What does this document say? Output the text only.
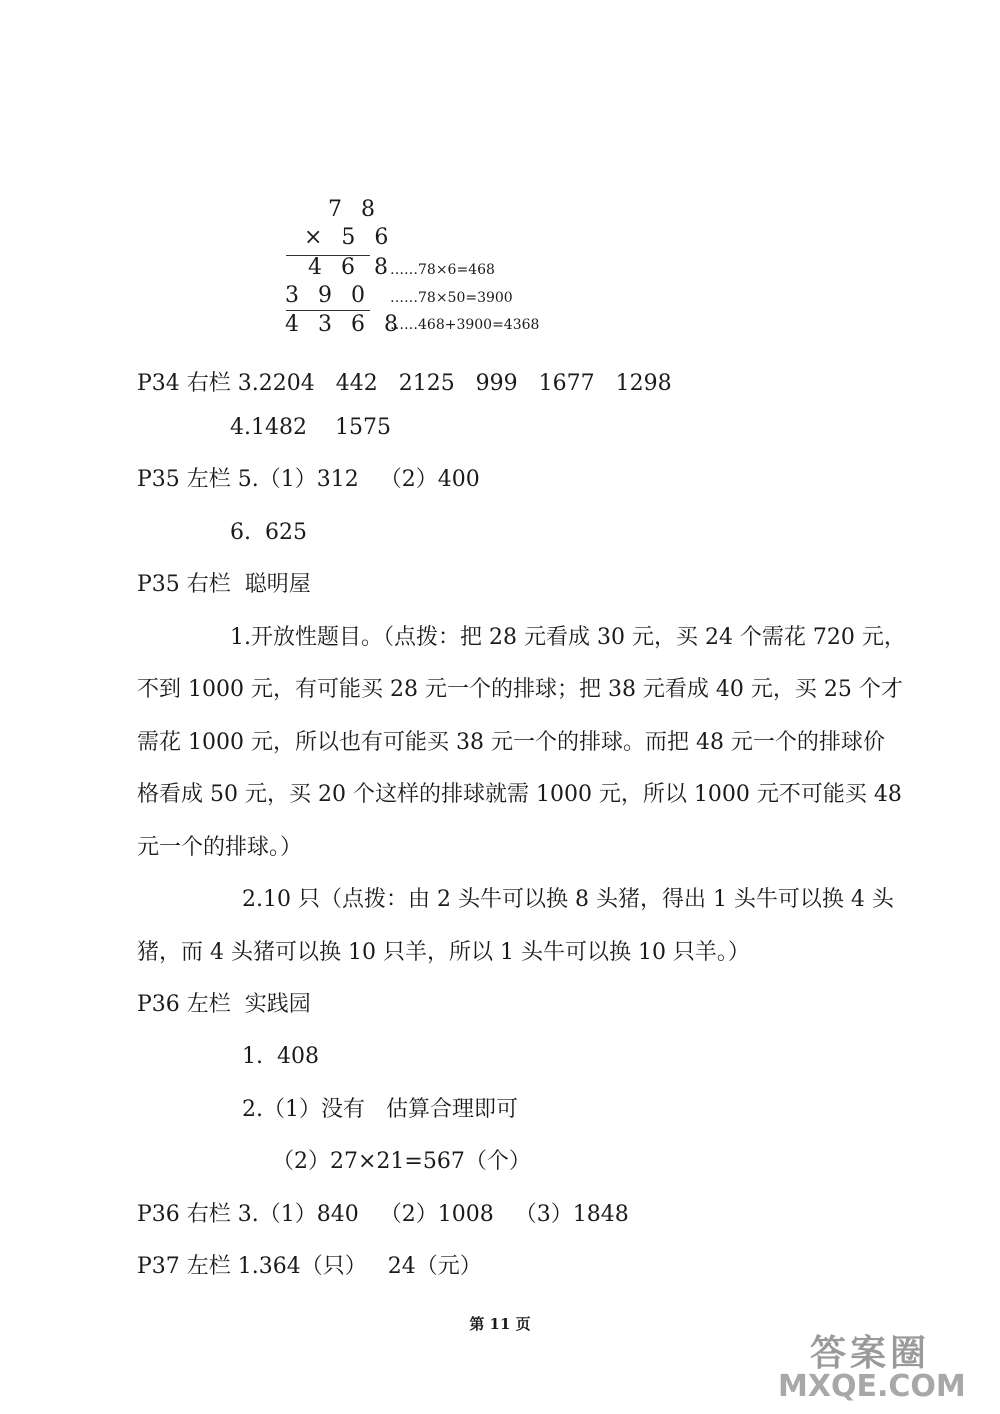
7 8
× 5 6
4 6 8
3 9 0
4 3 6 8
……78×6=468
……78×50=3900
……468+3900=4368
P34 右栏 3.2204   442   2125   999   1677   1298
4.1482    1575
P35 左栏 5.（1）312   （2）400
6.  625
P35 右栏  聪明屋
1.开放性题目。（点拨：把 28 元看成 30 元，买 24 个需花 720 元，
不到 1000 元，有可能买 28 元一个的排球；把 38 元看成 40 元，买 25 个才
需花 1000 元，所以也有可能买 38 元一个的排球。而把 48 元一个的排球价
格看成 50 元，买 20 个这样的排球就需 1000 元，所以 1000 元不可能买 48
元一个的排球。）
2.10 只（点拨：由 2 头牛可以换 8 头猪，得出 1 头牛可以换 4 头
猪，而 4 头猪可以换 10 只羊，所以 1 头牛可以换 10 只羊。）
P36 左栏  实践园
1.  408
2.（1）没有   估算合理即可
（2）27×21=567（个）
P36 右栏 3.（1）840   （2）1008   （3）1848
P37 左栏 1.364（只）   24（元）
第 11 页
答案圈
MXQE.COM
